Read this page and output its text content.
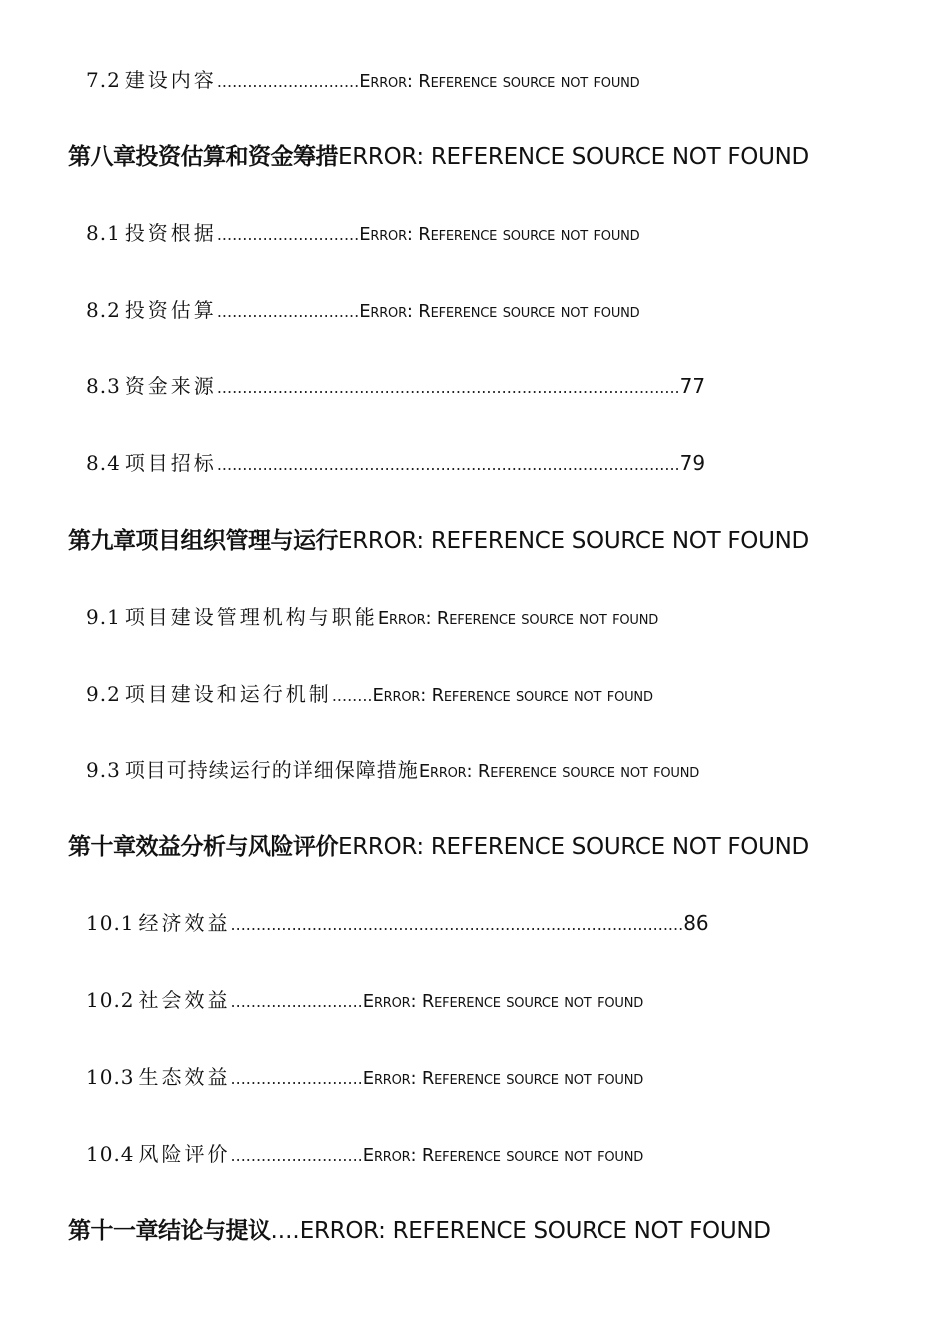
7.2 建设内容............................Error: Reference source not found
第八章投资估算和资金筹措ERROR: REFERENCE SOURCE NOT FOUND
8.1 投资根据............................Error: Reference source not found
8.2 投资估算............................Error: Reference source not found
8.3 资金来源...........................................................................................77
8.4 项目招标...........................................................................................79
第九章项目组织管理与运行ERROR: REFERENCE SOURCE NOT FOUND
9.1 项目建设管理机构与职能Error: Reference source not found
9.2 项目建设和运行机制........Error: Reference source not found
9.3 项目可持续运行的详细保障措施Error: Reference source not found
第十章效益分析与风险评价ERROR: REFERENCE SOURCE NOT FOUND
10.1 经济效益.........................................................................................86
10.2 社会效益..........................Error: Reference source not found
10.3 生态效益..........................Error: Reference source not found
10.4 风险评价..........................Error: Reference source not found
第十一章结论与提议....ERROR: REFERENCE SOURCE NOT FOUND
